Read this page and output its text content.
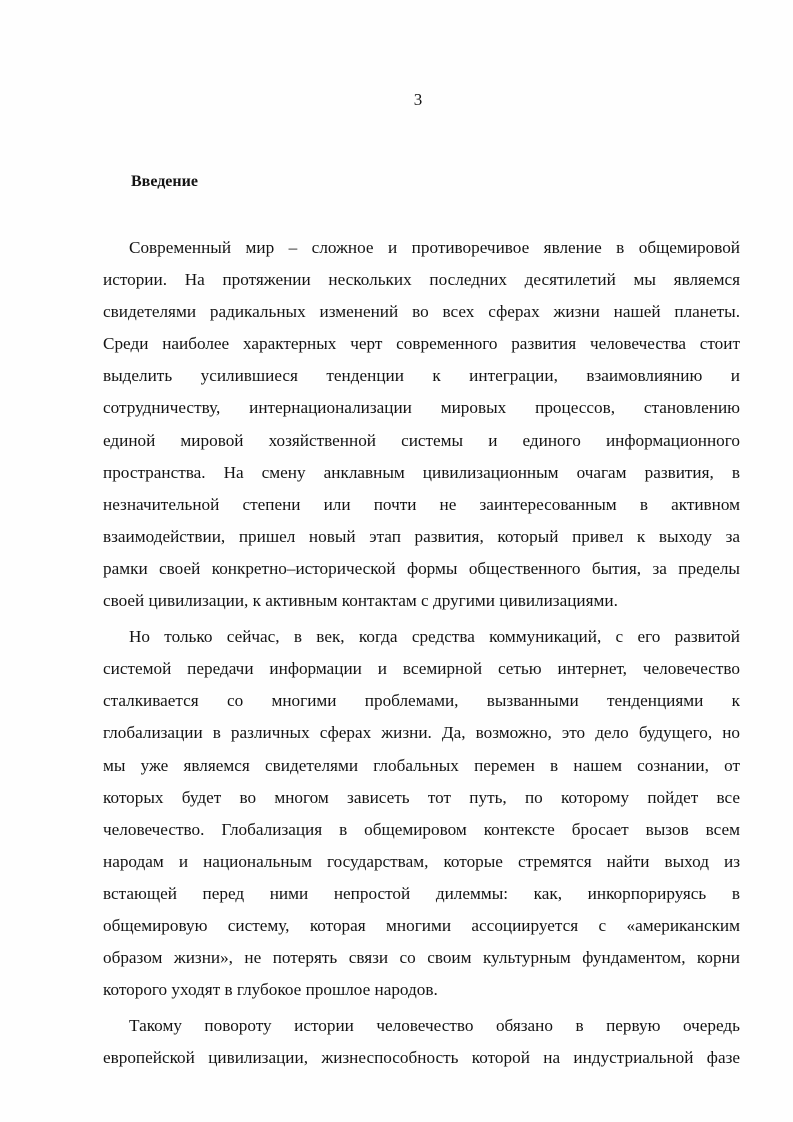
3
Введение
Современный мир – сложное и противоречивое явление в общемировой
истории. На протяжении нескольких последних десятилетий мы являемся
свидетелями радикальных изменений во всех сферах жизни нашей планеты.
Среди наиболее характерных черт современного развития человечества стоит
выделить усилившиеся тенденции к интеграции, взаимовлиянию и
сотрудничеству, интернационализации мировых процессов, становлению
единой мировой хозяйственной системы и единого информационного
пространства. На смену анклавным цивилизационным очагам развития, в
незначительной степени или почти не заинтересованным в активном
взаимодействии, пришел новый этап развития, который привел к выходу за
рамки своей конкретно–исторической формы общественного бытия, за пределы
своей цивилизации, к активным контактам с другими цивилизациями.
Но только сейчас, в век, когда средства коммуникаций, с его развитой
системой передачи информации и всемирной сетью интернет, человечество
сталкивается со многими проблемами, вызванными тенденциями к
глобализации в различных сферах жизни. Да, возможно, это дело будущего, но
мы уже являемся свидетелями глобальных перемен в нашем сознании, от
которых будет во многом зависеть тот путь, по которому пойдет все
человечество. Глобализация в общемировом контексте бросает вызов всем
народам и национальным государствам, которые стремятся найти выход из
встающей перед ними непростой дилеммы: как, инкорпорируясь в
общемировую систему, которая многими ассоциируется с «американским
образом жизни», не потерять связи со своим культурным фундаментом, корни
которого уходят в глубокое прошлое народов.
Такому повороту истории человечество обязано в первую очередь
европейской цивилизации, жизнеспособность которой на индустриальной фазе
